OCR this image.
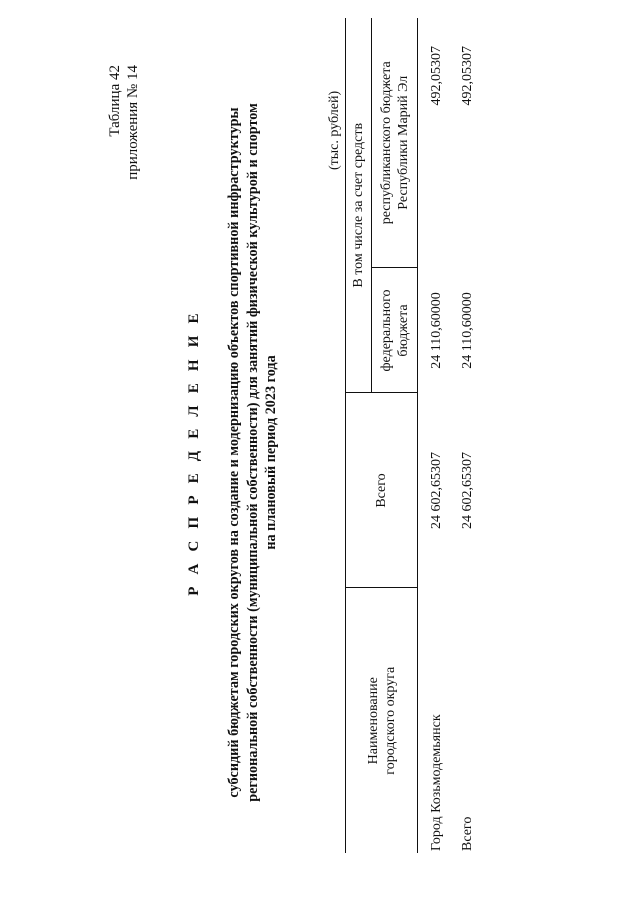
Таблица 42 приложения № 14
Р А С П Р Е Д Е Л Е Н И Е субсидий бюджетам городских округов на создание и модернизацию объектов спортивной инфраструктуры региональной собственности (муниципальной собственности) для занятий физической культурой и спортом на плановый период 2023 года
(тыс. рублей)
Наименование городского округа	Всего	В том числе за счет средств	
		федерального бюджета	республиканского бюджета Республики Марий Эл
Город Козьмодемьянск	24 602,65307	24 110,60000	492,05307
Всего	24 602,65307	24 110,60000	492,05307
